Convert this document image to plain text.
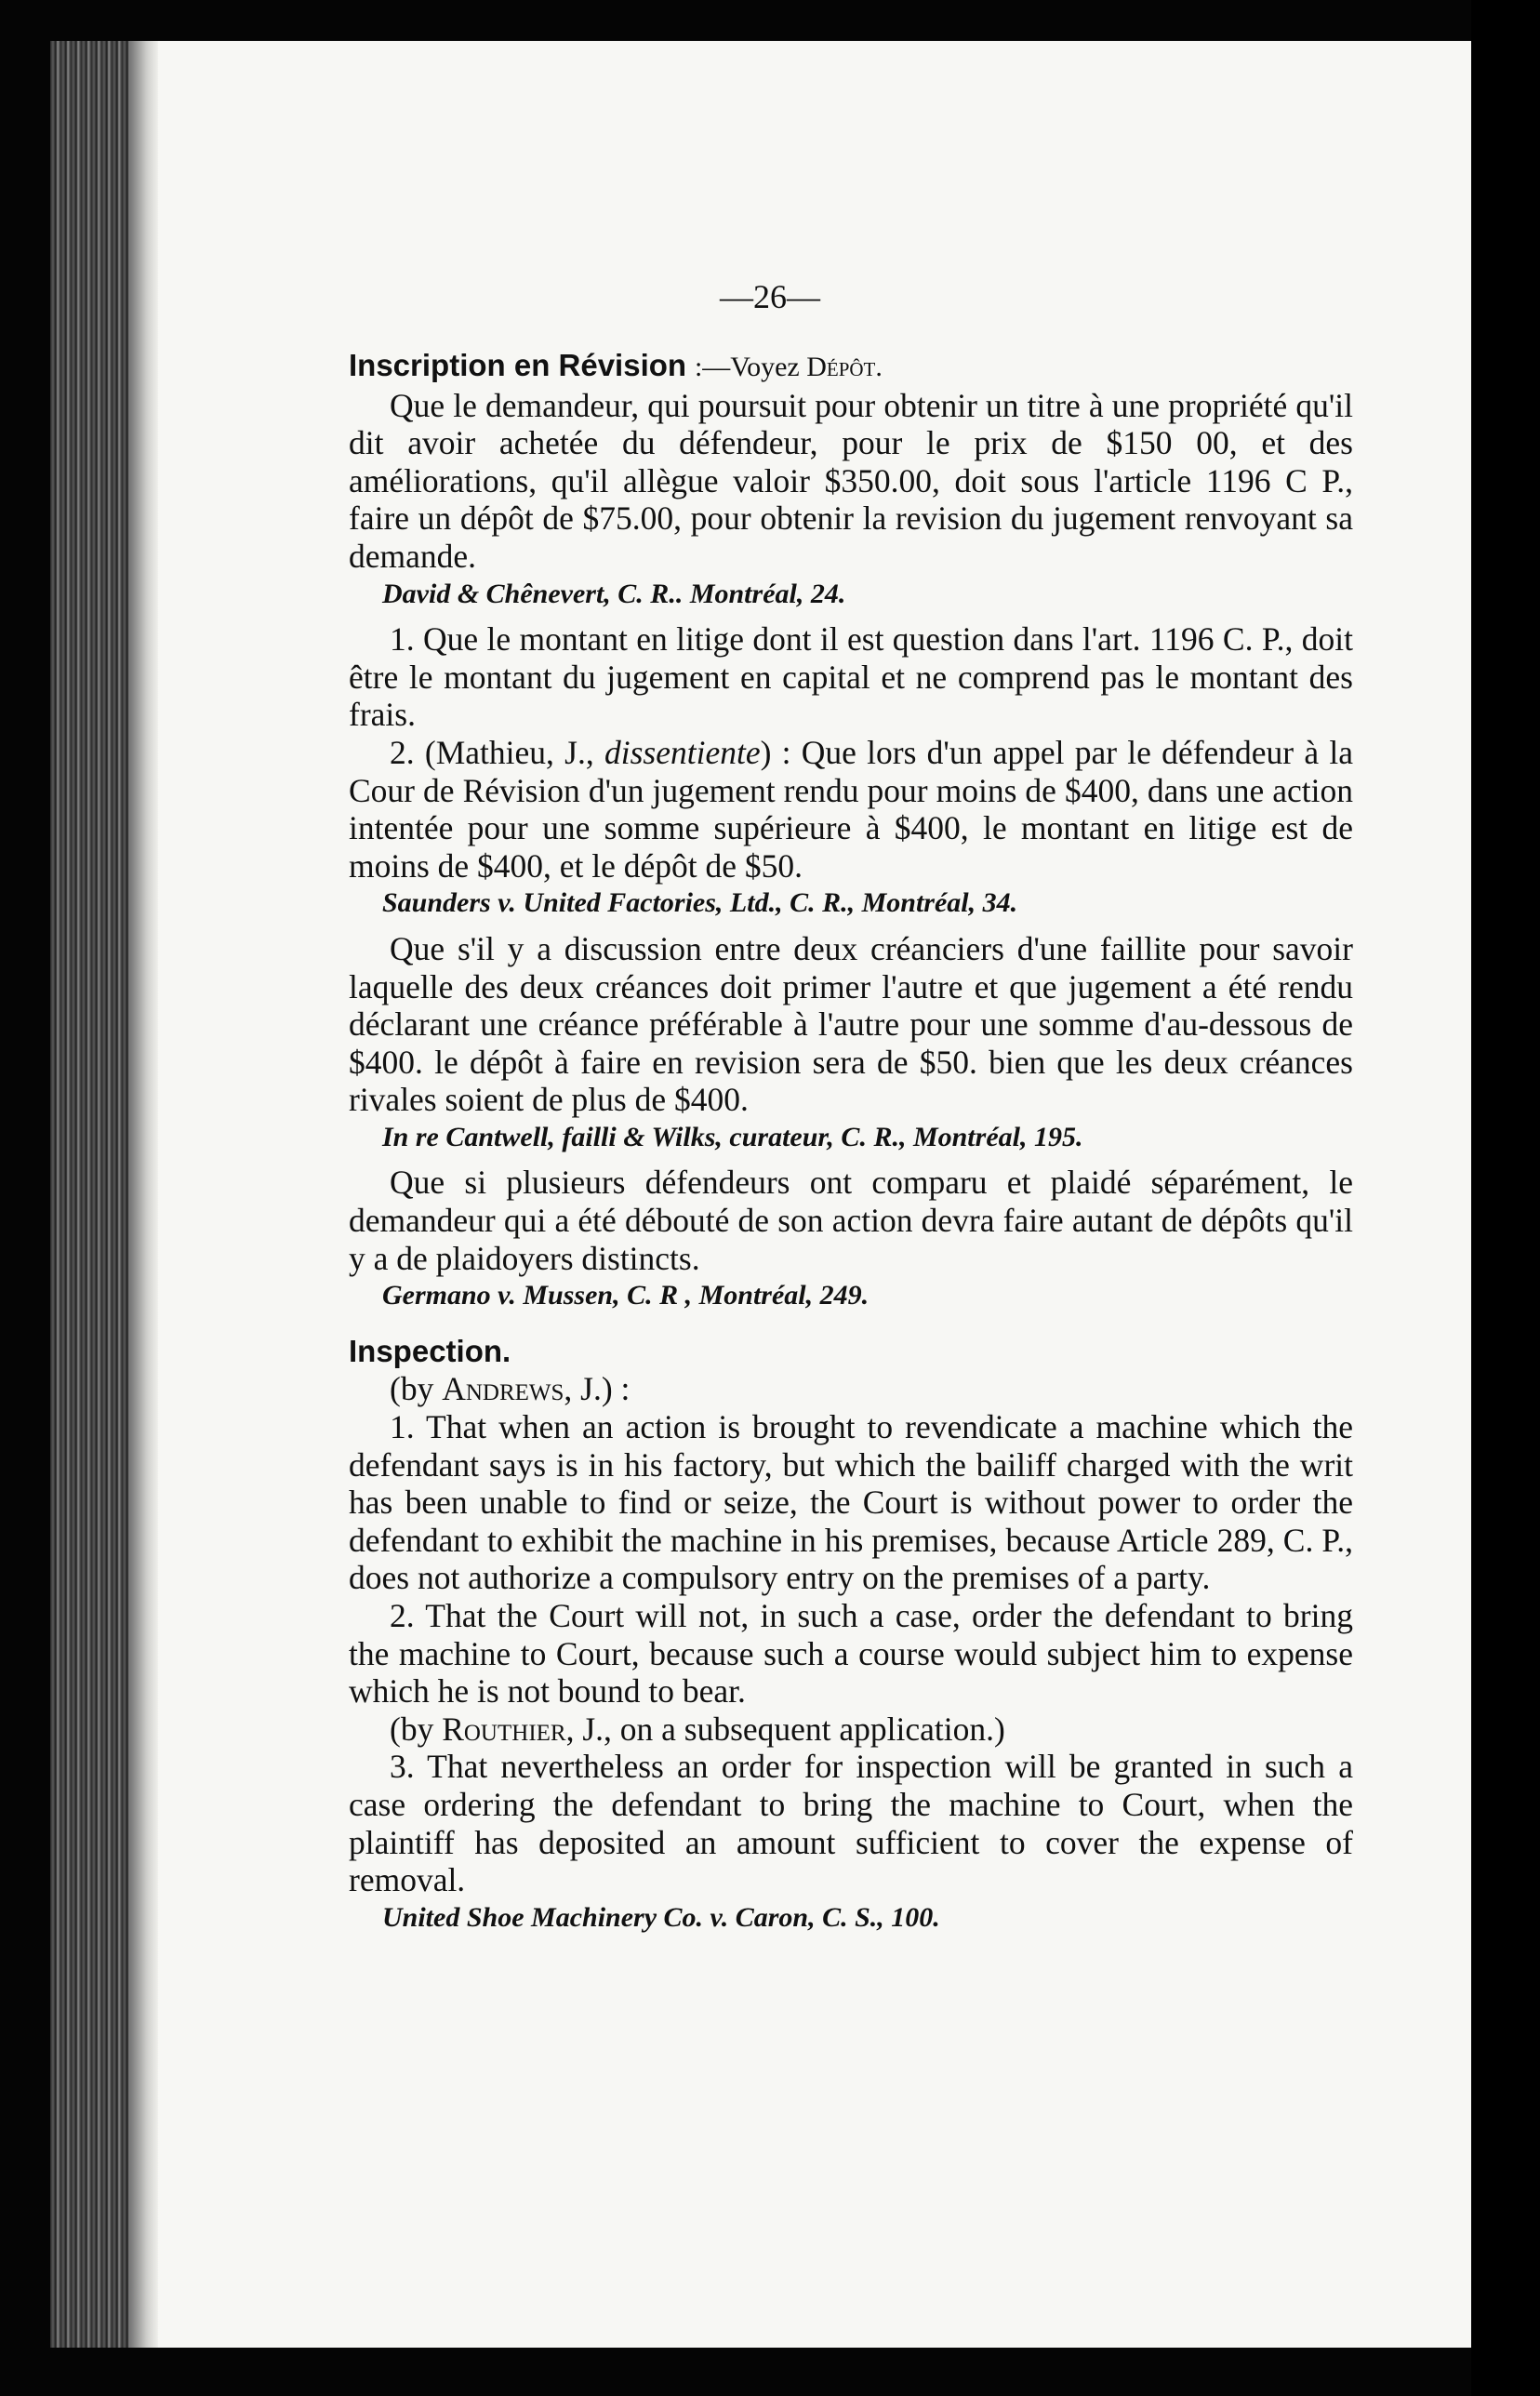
—26—

Inscription en Révision :—Voyez Dépôt.

Que le demandeur, qui poursuit pour obtenir un titre à une propriété qu'il dit avoir achetée du défendeur, pour le prix de $150 00, et des améliorations, qu'il allègue valoir $350.00, doit sous l'article 1196 C P., faire un dépôt de $75.00, pour obtenir la revision du jugement renvoyant sa demande.

David & Chênevert, C. R.. Montréal, 24.

1. Que le montant en litige dont il est question dans l'art. 1196 C. P., doit être le montant du jugement en capital et ne comprend pas le montant des frais.

2. (Mathieu, J., dissentiente) : Que lors d'un appel par le défendeur à la Cour de Révision d'un jugement rendu pour moins de $400, dans une action intentée pour une somme supérieure à $400, le montant en litige est de moins de $400, et le dépôt de $50.

Saunders v. United Factories, Ltd., C. R., Montréal, 34.

Que s'il y a discussion entre deux créanciers d'une faillite pour savoir laquelle des deux créances doit primer l'autre et que jugement a été rendu déclarant une créance préférable à l'autre pour une somme d'au-dessous de $400. le dépôt à faire en revision sera de $50. bien que les deux créances rivales soient de plus de $400.

In re Cantwell, failli & Wilks, curateur, C. R., Montréal, 195.

Que si plusieurs défendeurs ont comparu et plaidé séparément, le demandeur qui a été débouté de son action devra faire autant de dépôts qu'il y a de plaidoyers distincts.

Germano v. Mussen, C. R , Montréal, 249.

Inspection.

(by Andrews, J.) :

1. That when an action is brought to revendicate a machine which the defendant says is in his factory, but which the bailiff charged with the writ has been unable to find or seize, the Court is without power to order the defendant to exhibit the machine in his premises, because Article 289, C. P., does not authorize a compulsory entry on the premises of a party.

2. That the Court will not, in such a case, order the defendant to bring the machine to Court, because such a course would subject him to expense which he is not bound to bear.

(by Routhier, J., on a subsequent application.)

3. That nevertheless an order for inspection will be granted in such a case ordering the defendant to bring the machine to Court, when the plaintiff has deposited an amount sufficient to cover the expense of removal.

United Shoe Machinery Co. v. Caron, C. S., 100.
